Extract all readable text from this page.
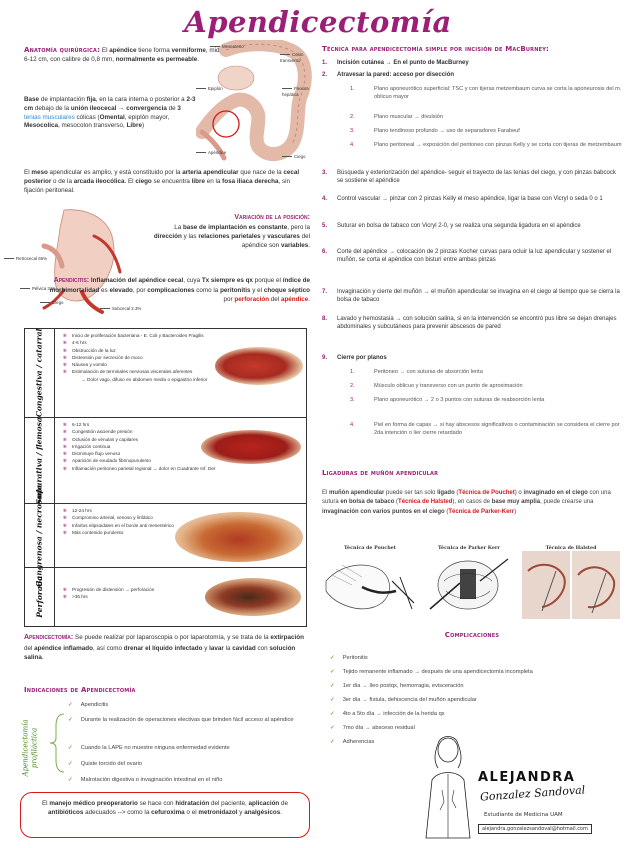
Apendicectomía
Anatomía quirúrgica: El apéndice tiene forma vermiforme, mide 6-12 cm, con calibre de 0,8 mm, normalmente es permeable.
Base de implantación fija, en la cara interna o posterior a 2-3 cm debajo de la unión ileocecal → convergencia de 3 tenias musculares cólicas (Omental, epiplón mayor, Mesocolica, mesocolon transverso, Libre)
Mesenterio
Colon transverso
Flexura hepática
Epiplón
Ciego
Apéndice
El meso apendicular es amplio, y está constituido por la arteria apendicular que nace de la cecal posterior o de la arcada ileocólica. El ciego se encuentra libre en la fosa iliaca derecha, sin fijación peritoneal.
Retrocecal 65%
Pélvica 31%
Ciego
Subcecal 2.3%
Variación de la posición:
La base de implantación es constante, pero la dirección y las relaciones parietales y vasculares del apéndice son variables.
Apendicitis: Inflamación del apéndice cecal, cuya Tx siempre es qx porque el índice de morbimortalidad es elevado, por complicaciones como la peritonitis y el choque séptico por perforación del apéndice.
Congestiva / catarral	✻ Inicio de proliferación bacteriana - E. Coli y Bacteroides Fragilis
✻ 4-6 hrs
✻ Obstrucción de la luz
✻ Distensión por secreción de moco
✻ Náusea y vomito
✻ Estimulación de terminales nerviosas viscerales aferentes
→ Dolor vago, difuso en abdomen medio o epigastrio inferior
Supurativa / flemosa	✻ 6-12 hrs
✻ Congestión asciende presión
✻ Oclusión de vénulas y capilares
✻ Irrigación continua
✻ Disminuye flujo venoso
✻ Aparición de exudado fibrinopurulento
✻ Inflamación peritoneo parietal regional → dolor en Cuadrante Inf. Der
Gangrenosa / necrosada	✻ 12-24 hrs
✻ Compromiso arterial, venoso y linfático
✻ Infartos elipsoidales en el borde anti mesentérico
✻ Más contenido purulento
Perforada	✻ Progresión de distensión → perforación
✻ >36 hrs
Apendicectomía: Se puede realizar por laparoscopia o por laparotomía, y se trata de la extirpación del apéndice inflamado, así como drenar el líquido infectado y lavar la cavidad con solución salina.
Indicaciones de Apendicectomía
Apendicectomía profiláctica
✓ Apendicitis
✓ Durante la realización de operaciones electivas que brinden fácil acceso al apéndice
✓ Cuando la LAPE no muestre ninguna enfermedad evidente
✓ Quiste torcido del ovario
✓ Malrotación digestiva o invaginación intestinal en el niño
El manejo médico preoperatorio se hace con hidratación del paciente, aplicación de antibióticos adecuados --> como la cefuroxima o el metronidazol y analgésicos.
Técnica para apendicectomía simple por incisión de MacBurney:
1. Incisión cutánea → En el punto de MacBurney
2. Atravesar la pared: acceso por disección
1.	Plano aponeurótico superficial: TSC y con tijeras metzembaum curva se corta la aponeurosis del m. oblicuo mayor
2.	Plano muscular → divulsión
3.	Plano tendinoso profundo → uso de separadores Farabeuf
4.	Plano peritoneal → exposición del peritoneo con pinzas Kelly y se corta con tijeras de metzembaum
3. Búsqueda y exteriorización del apéndice- seguir el trayecto de las tenias del ciego, y con pinzas babcock se sostiene el apéndice
4. Control vascular → pinzar con 2 pinzas Kelly el meso apéndice, ligar la base con Vicryl o seda 0 o 1
5. Suturar en bolsa de tabaco con Vicryl 2-0, y se realiza una segunda ligadura en el apéndice
6. Corte del apéndice → colocación de 2 pinzas Kocher curvas para ocluir la luz apendicular y sostener el muñón, se corta el apéndice con bisturí entre ambas pinzas
7. Invaginación y cierre del muñón → el muñón apendicular se invagina en el ciego al tiempo que se cierra la bolsa de tabaco
8. Lavado y hemostasia → con solución salina, si en la intervención se encontró pus libre se dejan drenajes abdominales y subcutáneos para prevenir abscesos de pared
9. Cierre por planos
1.	Peritoneo → con suturas de absorción lenta
2.	Músculo oblicuo y transverso con un punto de aproximación
3.	Plano aponeurótico → 2 o 3 puntos con suturas de reabsorción lenta
4.	Piel en forma de capas → si hay abscesos significativos o contaminación se considera el cierre por 2da intención o lier cierre retardado
Ligaduras de muñón apendicular
El muñón apendicular puede ser tan solo ligado (Técnica de Pouchet) o invaginado en el ciego con una sutura en bolsa de tabaco (Técnica de Halsted), en casos de base muy amplia, puede crearse una invaginación con varios puntos en el ciego (Técnica de Parker-Kerr)
Técnica de Pouchet	Técnica de Parker Kerr	Técnica de Halsted
Complicaciones
✓ Peritonitis
✓ Tejido remanente inflamado → después de una apendicectomía incompleta
✓ 1er día → íleo postqx, hemorragia, evisceración
✓ 3er día → fístula, dehiscencia del muñón apendicular
✓ 4to a 5to día → infección de la herida qx
✓ 7mo día → absceso residual
✓ Adherencias
ALEJANDRA
Gonzalez Sandoval
Estudiante de Medicina UAM
alejandra.gonzalezsandoval@hotmail.com
